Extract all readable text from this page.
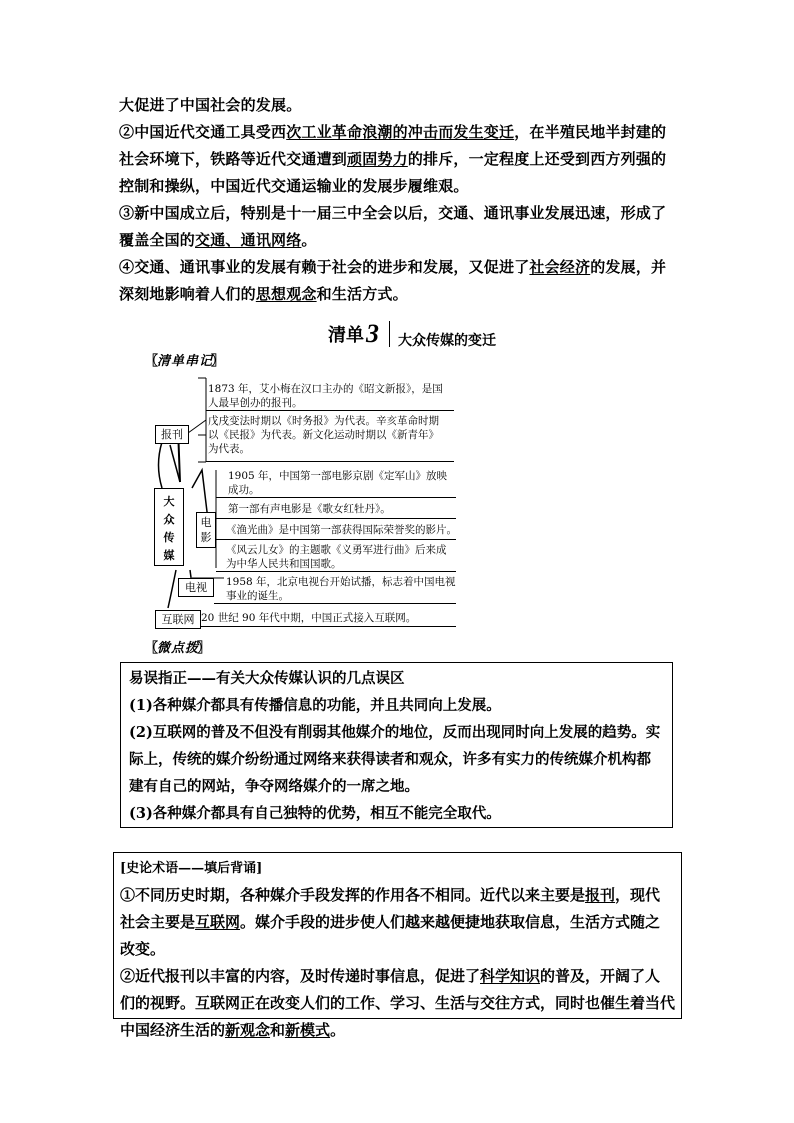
大促进了中国社会的发展。
②中国近代交通工具受西次工业革命浪潮的冲击而发生变迁，在半殖民地半封建的社会环境下，铁路等近代交通遭到顽固势力的排斥，一定程度上还受到西方列强的控制和操纵，中国近代交通运输业的发展步履维艰。
③新中国成立后，特别是十一届三中全会以后，交通、通讯事业发展迅速，形成了覆盖全国的交通、通讯网络。
④交通、通讯事业的发展有赖于社会的进步和发展，又促进了社会经济的发展，并深刻地影响着人们的思想观念和生活方式。
清单 3 大众传媒的变迁
〖 清单串记 〗
报刊
大
众
传
媒
电影
电视
互联网
1873 年，艾小梅在汉口主办的《昭文新报》，是国人最早创办的报刊。
戊戌变法时期以《时务报》为代表。辛亥革命时期以《民报》为代表。新文化运动时期以《新青年》为代表。
1905 年，中国第一部电影京剧《定军山》放映成功。
第一部有声电影是《歌女红牡丹》。
《渔光曲》是中国第一部获得国际荣誉奖的影片。
《风云儿女》的主题歌《义勇军进行曲》后来成为中华人民共和国国歌。
1958 年，北京电视台开始试播，标志着中国电视事业的诞生。
20 世纪 90 年代中期，中国正式接入互联网。
〖 微点拨 〗

易误指正——有关大众传媒认识的几点误区

(1)各种媒介都具有传播信息的功能，并且共同向上发展。

(2)互联网的普及不但没有削弱其他媒介的地位，反而出现同时向上发展的趋势。实际上，传统的媒介纷纷通过网络来获得读者和观众，许多有实力的传统媒介机构都建有自己的网站，争夺网络媒介的一席之地。

(3)各种媒介都具有自己独特的优势，相互不能完全取代。

[史论术语——填后背诵]

①不同历史时期，各种媒介手段发挥的作用各不相同。近代以来主要是报刊，现代社会主要是互联网。媒介手段的进步使人们越来越便捷地获取信息，生活方式随之改变。

②近代报刊以丰富的内容，及时传递时事信息，促进了科学知识的普及，开阔了人们的视野。互联网正在改变人们的工作、学习、生活与交往方式，同时也催生着当代中国经济生活的新观念和新模式。
